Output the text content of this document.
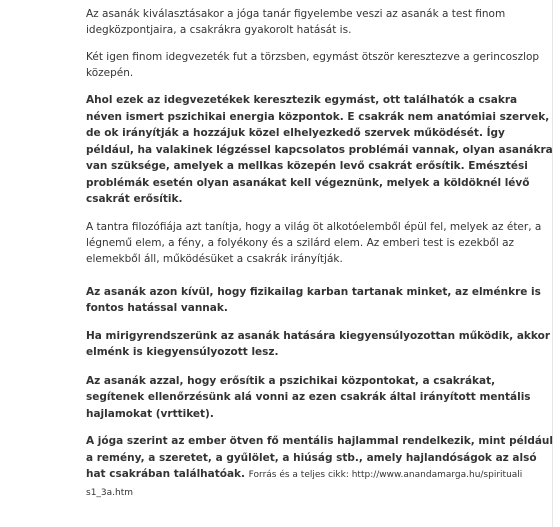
Az asanák kiválasztásakor a jóga tanár figyelembe veszi az asanák a test finom idegközpontjaira, a csakrákra gyakorolt hatását is.

Két igen finom idegvezeték fut a törzsben, egymást ötször keresztezve a gerincoszlop közepén.

Ahol ezek az idegvezetékek keresztezik egymást, ott találhatók a csakra néven ismert pszichikai energia központok. E csakrák nem anatómiai szervek, de ok irányítják a hozzájuk közel elhelyezkedő szervek működését. Így például, ha valakinek légzéssel kapcsolatos problémái vannak, olyan asanákra van szüksége, amelyek a mellkas közepén levő csakrát erősítik. Emésztési problémák esetén olyan asanákat kell végeznünk, melyek a köldöknél lévő csakrát erősítik.

A tantra filozófiája azt tanítja, hogy a világ öt alkotóelemből épül fel, melyek az éter, a légnemű elem, a fény, a folyékony és a szilárd elem. Az emberi test is ezekből az elemekből áll, működésüket a csakrák irányítják.

Az asanák azon kívül, hogy fizikailag karban tartanak minket, az elménkre is fontos hatással vannak.

Ha mirigyrendszerünk az asanák hatására kiegyensúlyozottan működik, akkor elménk is kiegyensúlyozott lesz.

Az asanák azzal, hogy erősítik a pszichikai központokat, a csakrákat, segítenek ellenőrzésünk alá vonni az ezen csakrák által irányított mentális hajlamokat (vrttiket).

A jóga szerint az ember ötven fő mentális hajlammal rendelkezik, mint például a remény, a szeretet, a gyűlölet, a hiúság stb., amely hajlandóságok az alsó hat csakrában találhatóak. Forrás és a teljes cikk: http://www.anandamarga.hu/spirituali s1_3a.htm
